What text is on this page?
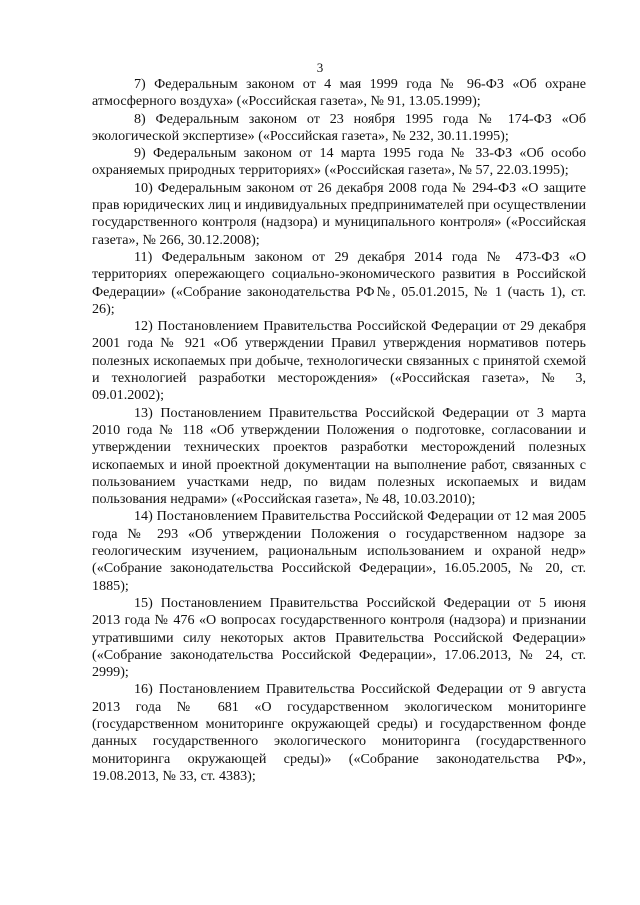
3

7) Федеральным законом от 4 мая 1999 года № 96-ФЗ «Об охране атмосферного воздуха» («Российская газета», № 91, 13.05.1999);

8) Федеральным законом от 23 ноября 1995 года № 174-ФЗ «Об экологической экспертизе» («Российская газета», № 232, 30.11.1995);

9) Федеральным законом от 14 марта 1995 года № 33-ФЗ «Об особо охраняемых природных территориях» («Российская газета», № 57, 22.03.1995);

10) Федеральным законом от 26 декабря 2008 года № 294-ФЗ «О защите прав юридических лиц и индивидуальных предпринимателей при осуществлении государственного контроля (надзора) и муниципального контроля» («Российская газета», № 266, 30.12.2008);

11) Федеральным законом от 29 декабря 2014 года № 473-ФЗ «О территориях опережающего социально-экономического развития в Российской Федерации» («Собрание законодательства РФ№, 05.01.2015, № 1 (часть 1), ст. 26);

12) Постановлением Правительства Российской Федерации от 29 декабря 2001 года № 921 «Об утверждении Правил утверждения нормативов потерь полезных ископаемых при добыче, технологически связанных с принятой схемой и технологией разработки месторождения» («Российская газета», № 3, 09.01.2002);

13) Постановлением Правительства Российской Федерации от 3 марта 2010 года № 118 «Об утверждении Положения о подготовке, согласовании и утверждении технических проектов разработки месторождений полезных ископаемых и иной проектной документации на выполнение работ, связанных с пользованием участками недр, по видам полезных ископаемых и видам пользования недрами» («Российская газета», № 48, 10.03.2010);

14) Постановлением Правительства Российской Федерации от 12 мая 2005 года № 293 «Об утверждении Положения о государственном надзоре за геологическим изучением, рациональным использованием и охраной недр» («Собрание законодательства Российской Федерации», 16.05.2005, № 20, ст. 1885);

15) Постановлением Правительства Российской Федерации от 5 июня 2013 года № 476 «О вопросах государственного контроля (надзора) и признании утратившими силу некоторых актов Правительства Российской Федерации» («Собрание законодательства Российской Федерации», 17.06.2013, № 24, ст. 2999);

16) Постановлением Правительства Российской Федерации от 9 августа 2013 года № 681 «О государственном экологическом мониторинге (государственном мониторинге окружающей среды) и государственном фонде данных государственного экологического мониторинга (государственного мониторинга окружающей среды)» («Собрание законодательства РФ», 19.08.2013, № 33, ст. 4383);
